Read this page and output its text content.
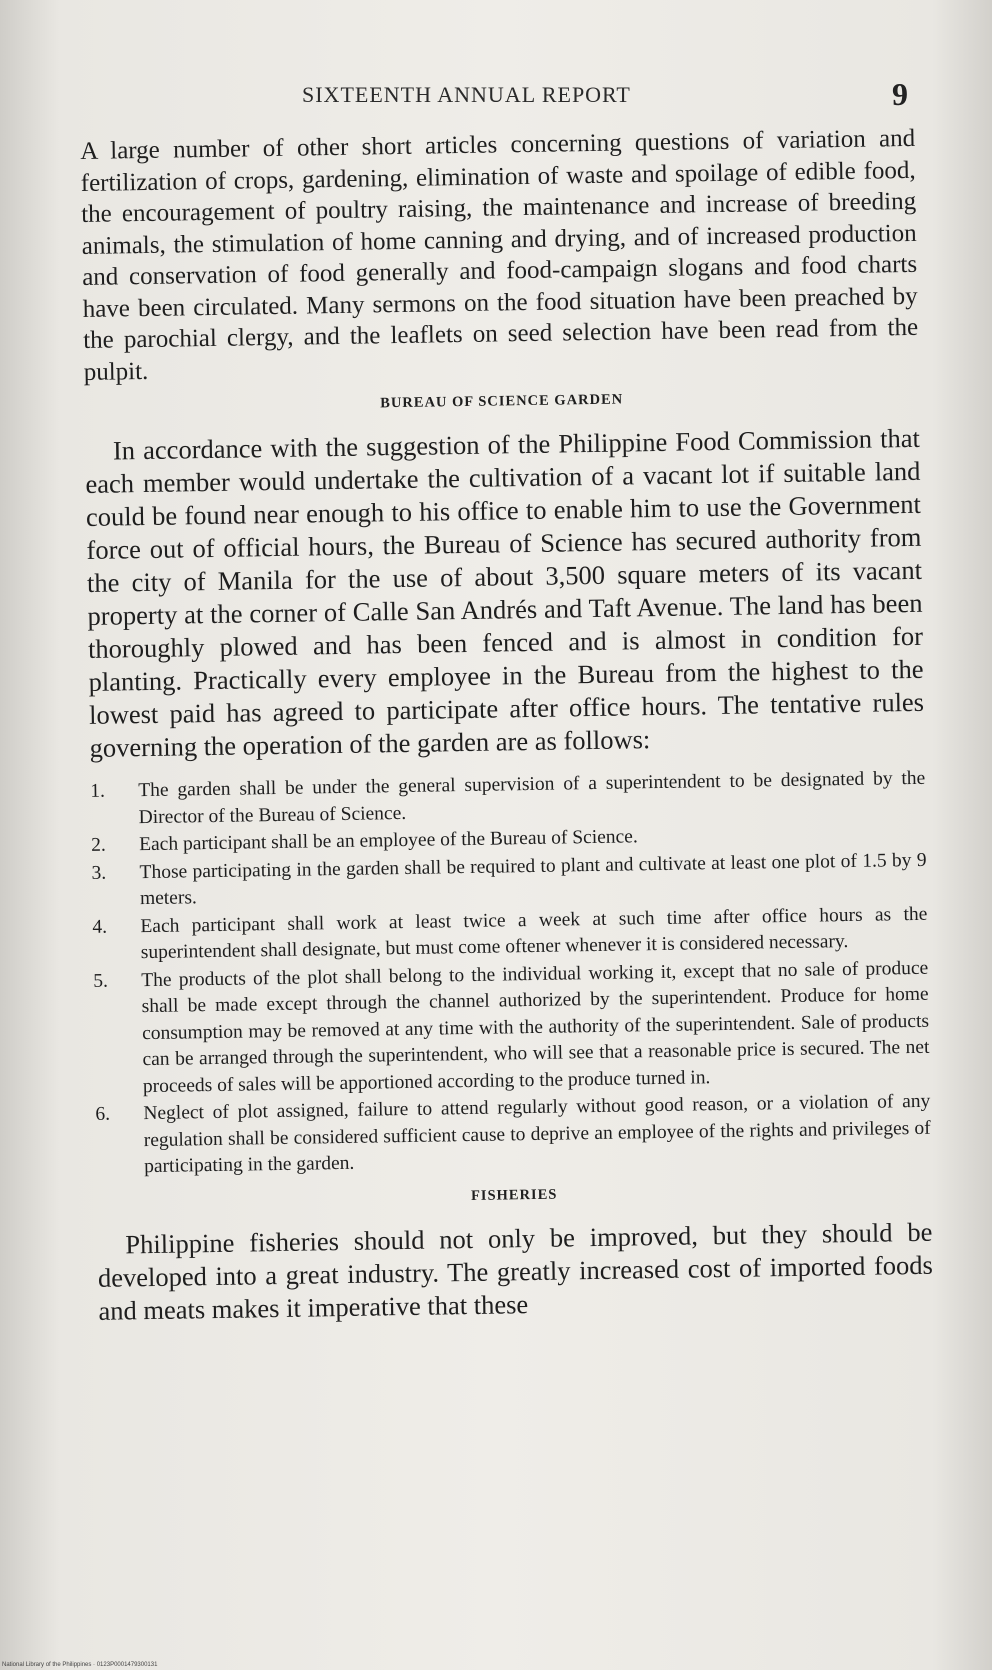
SIXTEENTH ANNUAL REPORT	9

A large number of other short articles concerning questions of variation and fertilization of crops, gardening, elimination of waste and spoilage of edible food, the encouragement of poultry raising, the maintenance and increase of breeding animals, the stimulation of home canning and drying, and of increased production and conservation of food generally and food-campaign slogans and food charts have been circulated. Many sermons on the food situation have been preached by the parochial clergy, and the leaflets on seed selection have been read from the pulpit.

BUREAU OF SCIENCE GARDEN

In accordance with the suggestion of the Philippine Food Commission that each member would undertake the cultivation of a vacant lot if suitable land could be found near enough to his office to enable him to use the Government force out of official hours, the Bureau of Science has secured authority from the city of Manila for the use of about 3,500 square meters of its vacant property at the corner of Calle San Andrés and Taft Avenue. The land has been thoroughly plowed and has been fenced and is almost in condition for planting. Practically every employee in the Bureau from the highest to the lowest paid has agreed to participate after office hours. The tentative rules governing the operation of the garden are as follows:

1.	The garden shall be under the general supervision of a superintendent to be designated by the Director of the Bureau of Science.
2.	Each participant shall be an employee of the Bureau of Science.
3.	Those participating in the garden shall be required to plant and cultivate at least one plot of 1.5 by 9 meters.
4.	Each participant shall work at least twice a week at such time after office hours as the superintendent shall designate, but must come oftener whenever it is considered necessary.
5.	The products of the plot shall belong to the individual working it, except that no sale of produce shall be made except through the channel authorized by the superintendent. Produce for home consumption may be removed at any time with the authority of the superintendent. Sale of products can be arranged through the superintendent, who will see that a reasonable price is secured. The net proceeds of sales will be apportioned according to the produce turned in.
6.	Neglect of plot assigned, failure to attend regularly without good reason, or a violation of any regulation shall be considered sufficient cause to deprive an employee of the rights and privileges of participating in the garden.
FISHERIES

Philippine fisheries should not only be improved, but they should be developed into a great industry. The greatly increased cost of imported foods and meats makes it imperative that these

National Library of the Philippines · 0123P0001479300131
